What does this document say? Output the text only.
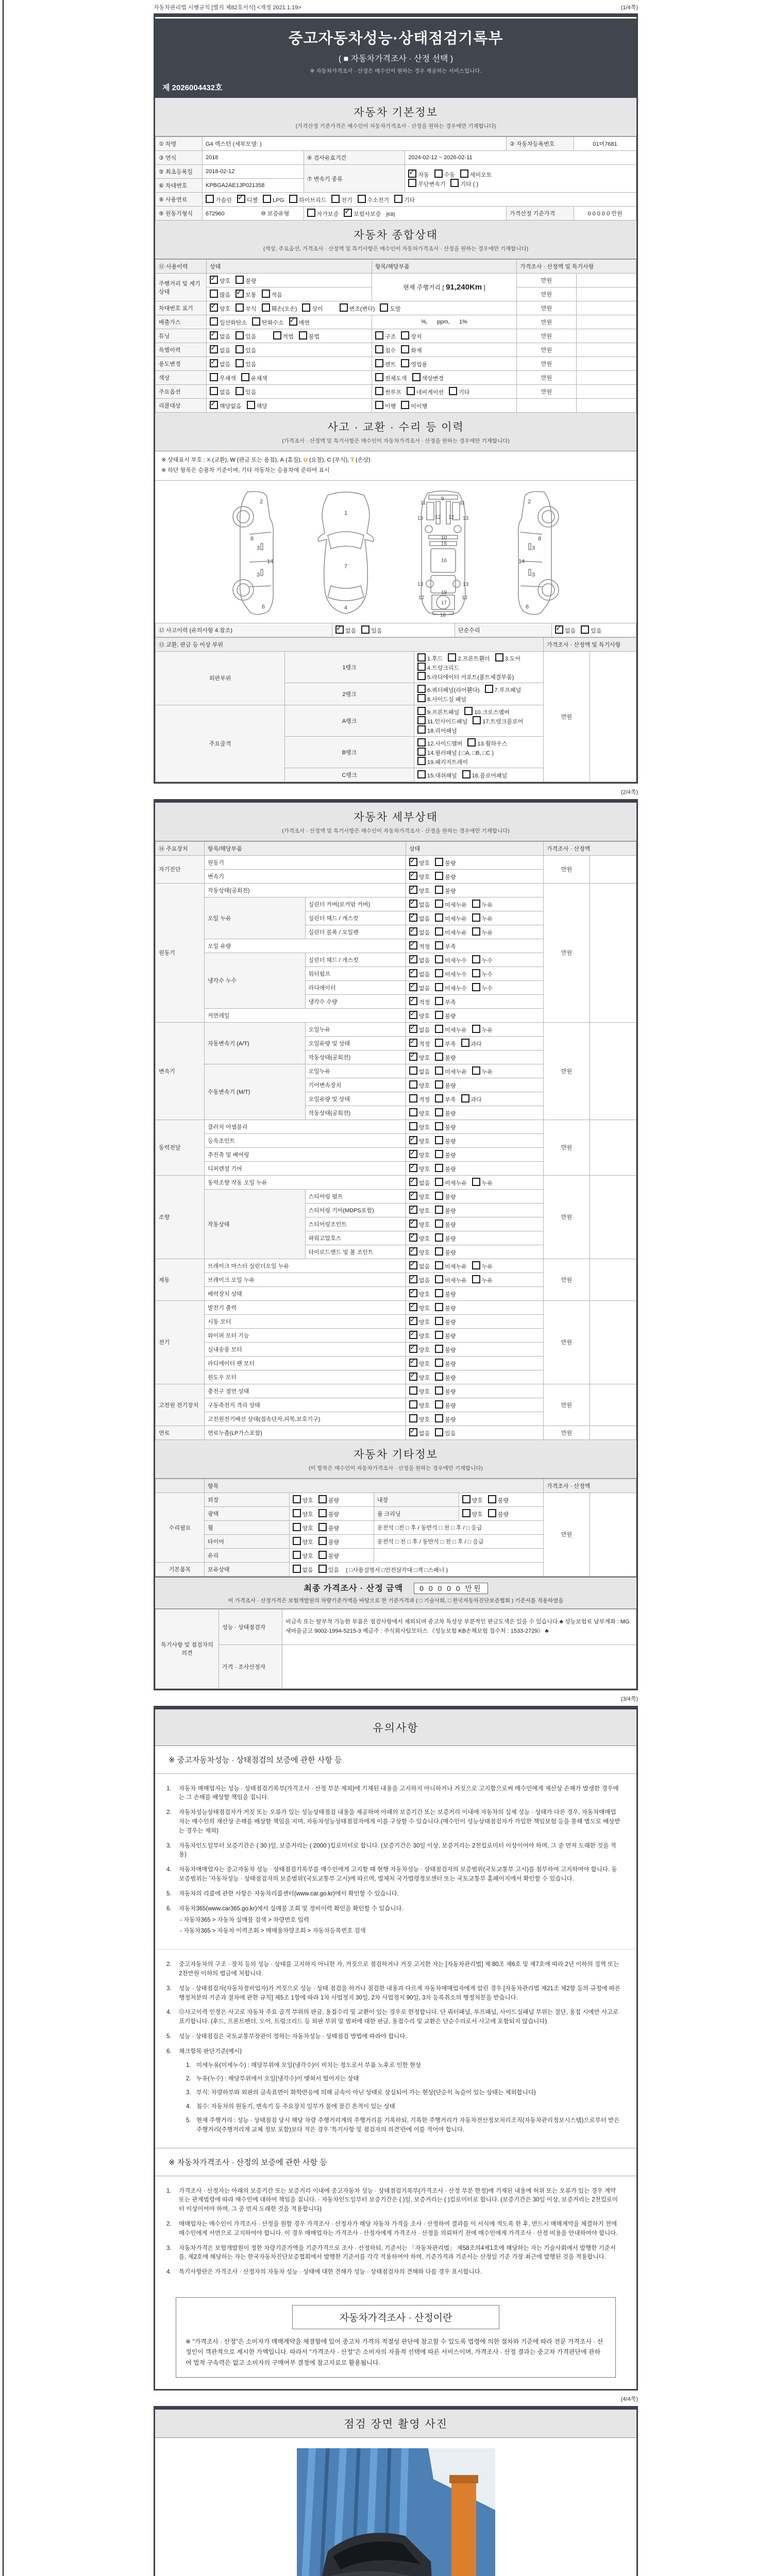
자동차관리법 시행규칙 [별지 제82호서식] <개정 2021.1.19>	(1/4쪽)
중고자동차성능·상태점검기록부
( ■ 자동차가격조사 · 산정 선택 )
※ 자동차가격조사 · 산정은 매수인이 원하는 경우 제공하는 서비스입니다.
제 2026004432호
자동차 기본정보
(가격산정 기준가격은 매수인이 자동차가격조사 · 산정을 원하는 경우에만 기재합니다)
① 차명	G4 렉스턴 (세부모델: )			② 자동차등록번호	01머7681
③ 연식	2018	④ 검사유효기간	2024-02-12 ~ 2026-02-11		
⑤ 최초등록일	2018-02-12	⑦ 변속기 종류	
✓자동 수동 세미오토
무단변속기 기타 ( )

⑥ 차대번호	KPBGA2AE1JP021358				
⑧ 사용연료	가솔린 ✓ 디젤 LPG 하이브리드 전기 수소전기 기타
⑨ 원동기형식	672960 ⑩ 보증유형	자가보증 ✓ 보험사보증 [KB]		가격산정 기준가격	0 0 0 0 0 만원
자동차 종합상태
(색상, 주요옵션, 가격조사 · 산정액 및 특기사항은 매수인이 자동차가격조사 · 산정을 원하는 경우에만 기재합니다)
⑪ 사용이력	상태	항목/해당부품	가격조사 · 산정액 및 특기사항	
주행거리 및 계기상태	✓양호 불량	현재 주행거리 [ 91,240Km ]	만원	
	많음 ✓ 보통 적음		만원	
차대번호 표기	✓양호 부식 훼손(오손) 상이 변조(변타) 도말		만원	
배출가스	일산화탄소 탄화수소 ✓ 매연	%,      ppm,      1%	만원	
튜닝	✓없음 있음 적법 불법	구조 장치	만원	
특별이력	✓없음 있음	침수 화재	만원	
용도변경	✓없음 있음	렌트 영업용	만원	
색상	무채색 유채색	전체도색 색상변경	만원	
주요옵션	없음 있음	썬루프 네비게이션 기타	만원	
리콜대상	✓해당없음 해당	이행 미이행		
사고 · 교환 · 수리 등 이력
(가격조사 · 산정액 및 특기사항은 매수인이 자동차가격조사 · 산정을 원하는 경우에만 기재합니다)
※ 상태표시 부호 : X (교환), W (판금 또는 용접), A (흠집), U (요철), C (부식), T (손상)
※ 하단 항목은 승용차 기준이며, 기타 자동차는 승용차에 준하여 표시
2
8
3
14
3
6
1
7
4
11	11
9
13	13
12 12
10
15
16
13	13
12	12
19
17
18
2
8
3
14
3
6
⑫ 사고이력 (유의사항 4.참조)	✓없음	있음	단순수리	✓없음	있음
⑬ 교환, 판금 등 이상 부위			가격조사 · 산정액 및 특기사항	
외판부위	1랭크	1.후드 2.프론트휀더 3.도어4.트렁크리드5.라디에이터 서포트(볼트체결부품)	만원	
	2랭크	6.쿼터패널(리어휀다) 7.루프패널8.사이드실 패널		
주요골격	A랭크	9.프론트패널 10.크로스멤버11.인사이드패널 17.트렁크플로어18.리어패널		
	B랭크	12.사이드멤버 13.휠하우스14.필러패널 ( □A, □B, □C )19.패키지트레이		
	C랭크	15.대쉬패널 16.플로어패널		
(2/4쪽)
자동차 세부상태
(가격조사 · 산정액 및 특기사항은 매수인이 자동차가격조사 · 산정을 원하는 경우에만 기재합니다)
⑭ 주요장치	항목/해당부품		상태	가격조사 · 산정액	
자기진단	원동기	✓양호 불량	만원	
	변속기	✓양호 불량
원동기	작동상태(공회전)	✓양호 불량	만원	
	오일 누유	실린더 커버(로커암 커버)	✓없음 미세누유 누유
		실린더 헤드 / 개스킷	✓없음 미세누유 누유
		실린더 블록 / 오일팬	✓없음 미세누유 누유
	오일 유량	✓적정 부족
	냉각수 누수	실린더 헤드 / 개스킷	✓없음 미세누수 누수
		워터펌프	✓없음 미세누수 누수
		라디에이터	✓없음 미세누수 누수
		냉각수 수량	✓적정 부족
	커먼레일	✓양호 불량
변속기	자동변속기 (A/T)	오일누유	✓없음 미세누유 누유	만원	
		오일유량 및 상태	✓적정 부족 과다
		작동상태(공회전)	✓양호 불량
	수동변속기 (M/T)	오일누유	없음 미세누유 누유		
		기어변속장치	양호 불량		
		오일유량 및 상태	적정 부족 과다		
		작동상태(공회전)	양호 불량		
동력전달	클러치 어셈블리		양호 불량	만원	
	등속조인트	✓양호 불량
	추진축 및 베어링	✓양호 불량
	디퍼렌셜 기어	✓양호 불량
조향	동력조향 작동 오일 누유	✓없음 미세누유 누유	만원	
	작동상태	스티어링 펌프	✓양호 불량
		스티어링 기어(MDPS포함)	✓양호 불량
		스티어링조인트	✓양호 불량
		파워고압호스	✓양호 불량
		타이로드엔드 및 볼 조인트	✓양호 불량
제동	브레이크 마스터 실린더오일 누유	✓없음 미세누유 누유	만원	
	브레이크 오일 누유	✓없음 미세누유 누유
	배력장치 상태	✓양호 불량
전기	발전기 출력	✓양호 불량	만원	
	시동 모터	✓양호 불량
	와이퍼 모터 기능	✓양호 불량
	실내송풍 모터	✓양호 불량
	라디에이터 팬 모터	✓양호 불량
	윈도우 모터	✓양호 불량
고전원 전기장치	충전구 절연 상태		양호 불량	만원	
	구동축전지 격리 상태		양호 불량		
	고전원전기배선 상태(접속단자,피복,보호기구)		양호 불량		
연료	연료누출(LP가스포함)	✓없음 있음	만원	
자동차 기타정보
(이 항목은 매수인이 자동차가격조사 · 산정을 원하는 경우에만 기재합니다)
	항목				가격조사 · 산정액	
수리필요	외장	양호 불량	내장	양호 불량	만원	
	광택	양호 불량	룸 크리닝	양호 불량		
	휠	양호 불량	운전석 □전 □ 후 / 동반석 □ 전 □ 후 / □ 응급			
	타이어	양호 불량	운전석 □ 전 □ 후 / 동반석 □ 전 □ 후 / □ 응급			
	유리	양호 불량				
기본품목	보유상태	없음 있음 ( □사용설명서 □안전삼각대 □잭 □스패너 )				
최종 가격조사 · 산정 금액 0 0 0 0 0 만원
이 가격조사 · 산정가격은 보험개발원의 차량기준가액을 바탕으로 한 기준가격과 ( □ 기술사회, □ 한국자동차진단보증협회 ) 기준서를 적용하였음
특기사항 및 점검자의 의견	성능 · 상태점검자	비금속 또는 탈부착 가능한 부품은 점검사항에서 제외되며 중고차 특성상 부분적인 판금도색은 있을 수 있습니다.♣ 성능보험료 납부계좌 : MG새마을금고 9002-1994-5215-3 예금주 : 주식회사팀모터스 《성능보험 KB손해보험 접수처 : 1533-2729》 ♣
	가격 · 조사산정자	
(3/4쪽)
유의사항
※ 중고자동차성능 · 상태점검의 보증에 관한 사항 등
1.	자동차 매매업자는 성능 · 상태점검기록부(가격조사 · 산정 부분 제외)에 기재된 내용을 고지하지 아니하거나 거짓으로 고지함으로써 매수인에게 재산상 손해가 발생한 경우에는 그 손해를 배상할 책임을 집니다.
2.	자동차성능상태점검자가 거짓 또는 오류가 있는 성능상태점검 내용을 제공하여 아래의 보증기간 또는 보증거리 이내에 자동차의 실제 성능 · 상태가 다른 경우, 자동차매매업자는 매수인의 재산상 손해를 배상할 책임을 지며, 자동차성능상태점검자에게 이를 구상할 수 있습니다.(매수인이 성능상태점검자가 가입한 책임보험 등을 통해 별도로 배상받는 경우는 제외)
3.	자동차인도일부터 보증기간은 ( 30 )일, 보증거리는 ( 2000 )킬로미터로 합니다. (보증기간은 30일 이상, 보증거리는 2천킬로미터 이상이어야 하며, 그 중 먼저 도래한 것을 적용)
4.	자동차매매업자는 중고자동차 성능 · 상태점검기록부를 매수인에게 고지할 때 현행 자동차성능 · 상태점검자의 보증범위(국토교통부 고시)를 첨부하여 고지하여야 합니다. 동 보증범위는 '자동차성능 · 상태점검자의 보증범위'(국토교통부 고시)에 따르며, 법제처 국가법령정보센터 또는 국토교통부 홈페이지에서 확인할 수 있습니다.
5.	자동차의 리콜에 관한 사항은 자동차리콜센터(www.car.go.kr)에서 확인할 수 있습니다.
6.	자동차365(www.car365.go.kr)에서 실매물 조회 및 정비이력 확인을 확인할 수 있습니다.
- 자동차365 > 자동차 실매물 검색 > 차량번호 입력
- 자동차365 > 자동차 이력조회 > 매매용차량조회 > 자동차등록번호 검색
2.	중고자동차의 구조 · 장치 등의 성능 · 상태를 고지하지 아니한 자, 거짓으로 점검하거나 거짓 고지한 자는 [자동차관리법] 제 80조 제6호 및 제7호에 따라 2년 이하의 징역 또는 2천만원 이하의 벌금에 처합니다.
3.	성능 · 상태점검자(자동차정비업자)가 거짓으로 성능 · 상태 점검을 하거나 점검한 내용과 다르게 자동차매매업자에게 알린 경우 [자동차관리법 제21조 제2항 등의 규정에 따른 행정처분의 기준과 절차에 관한 규칙] 제5조 1항에 따라 1차 사업정지 30일, 2차 사업정지 90일, 3차 등록취소의 행정처분을 받습니다.
4.	⑫사고이력 인정은 사고로 자동차 주요 골격 부위의 판금, 용접수리 및 교환이 있는 경우로 한정합니다. 단 쿼터패널, 루프패널, 사이드실패널 부위는 절단, 용접 시에만 사고로 표기합니다. (후드, 프론트펜더, 도어, 트렁크리드 등 외판 부위 및 범퍼에 대한 판금, 용접수리 및 교환은 단순수리로서 사고에 포함되지 않습니다)
5.	성능 · 상태점검은 국토교통부장관이 정하는 자동차성능 · 상태점검 방법에 따라야 합니다.
6.	체크항목 판단기준(예시)
1. 미세누유(미세누수) : 해당부위에 오일(냉각수)이 비치는 정도로서 부품 노후로 인한 현상
2. 누유(누수) : 해당부위에서 오일(냉각수)이 맺혀서 떨어지는 상태
3. 부식: 차량하부와 외판의 금속표면이 화학반응에 의해 금속이 아닌 상태로 상실되어 가는 현상(단순히 녹슬어 있는 상태는 제외합니다)
4. 침수: 자동차의 원동기, 변속기 등 주요장치 일부가 물에 잠긴 흔적이 있는 상태
5. 현재 주행거리 : 성능 · 상태점검 당시 해당 차량 주행거리계의 주행거리를 기록하되, 기록한 주행거리가 자동차전산정보처리조직(자동차관리정보시스템)으로부터 받은 주행거리(주행거리계 교체 정보 포함)보다 적은 경우 '특기사항 및 점검자의 의견'란에 이를 적어야 합니다.
※ 자동차가격조사 · 산정의 보증에 관한 사항 등
1.	가격조사 · 산정자는 아래의 보증기간 또는 보증거리 이내에 중고자동차 성능 · 상태점검기록부(가격조사 · 산정 부분 한정)에 기재된 내용에 허위 또는 오류가 있는 경우 계약 또는 관계법령에 따라 매수인에 대하여 책임을 집니다. · 자동차인도일부터 보증기간은 ( )일, 보증거리는 ( )킬로미터로 합니다. (보증기간은 30일 이상, 보증거리는 2천킬로미터 이상이어야 하며, 그 중 먼저 도래한 것을 적용합니다)
2.	매매업자는 매수인이 가격조사 · 산정을 원할 경우 가격조사 · 산정자가 해당 자동차 가격을 조사 · 산정하여 결과를 이 서식에 적도록 한 후, 반드시 매매계약을 체결하기 전에 매수인에게 서면으로 고지하여야 합니다. 이 경우 매매업자는 가격조사 · 산정자에게 가격조사 · 산정을 의뢰하기 전에 매수인에게 가격조사 · 산정 비용을 안내하여야 합니다.
3.	자동차가격은 보험개발원이 정한 차량기준가액을 기준가격으로 조사 · 산정하되, 기준서는 「자동차관리법」 제58조의4제1호에 해당하는 자는 기술사회에서 발행한 기준서를, 제2호에 해당하는 자는 한국자동차진단보증협회에서 발행한 기준서를 각각 적용하여야 하며, 기준가격과 기준서는 산정일 기준 가장 최근에 발행된 것을 적용합니다.
4.	특기사항란은 가격조사 · 산정자의 자동차 성능 · 상태에 대한 견해가 성능 · 상태점검자의 견해와 다를 경우 표시합니다.
자동차가격조사 · 산정이란
※ "가격조사 · 산정"은 소비자가 매매계약을 체결함에 있어 중고차 가격의 적절성 판단에 참고할 수 있도록 법령에 의한 절차와 기준에 따라 전문 가격조사 · 산정인이 객관적으로 제시한 가액입니다. 따라서 "가격조사 · 산정"은 소비자의 자율적 선택에 따른 서비스이며, 가격조사 · 산정 결과는 중고차 가격판단에 관하여 법적 구속력은 없고 소비자의 구매여부 결정에 참고자료로 활용됩니다.
(4/4쪽)
점검 장면 촬영 사진
